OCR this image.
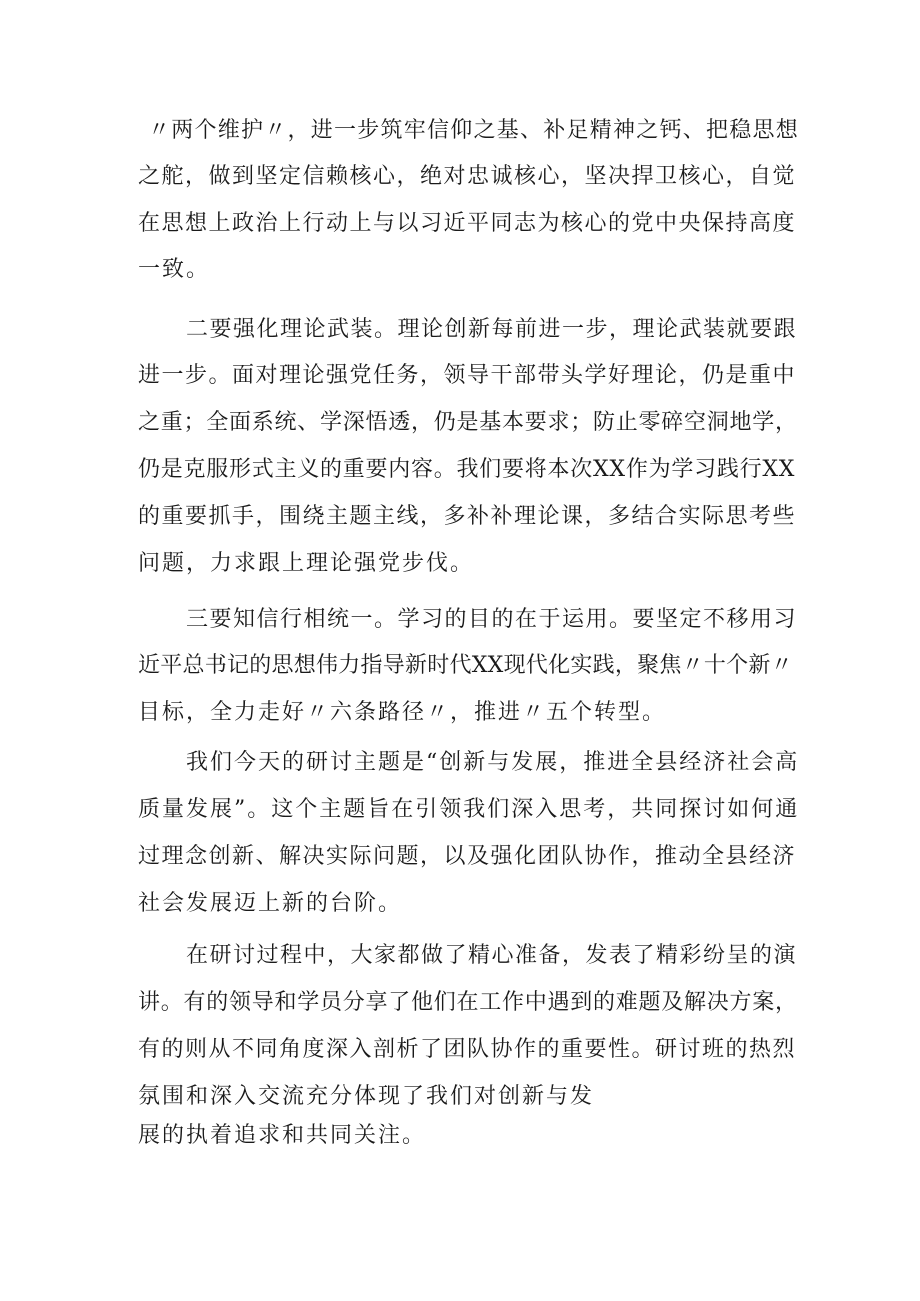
〃两个维护〃，进一步筑牢信仰之基、补足精神之钙、把稳思想
之舵，做到坚定信赖核心，绝对忠诚核心，坚决捍卫核心，自觉
在思想上政治上行动上与以习近平同志为核心的党中央保持高度
一致。
二要强化理论武装。理论创新每前进一步，理论武装就要跟
进一步。面对理论强党任务，领导干部带头学好理论，仍是重中
之重；全面系统、学深悟透，仍是基本要求；防止零碎空洞地学，
仍是克服形式主义的重要内容。我们要将本次XX作为学习践行XX
的重要抓手，围绕主题主线，多补补理论课，多结合实际思考些
问题，力求跟上理论强党步伐。
三要知信行相统一。学习的目的在于运用。要坚定不移用习
近平总书记的思想伟力指导新时代XX现代化实践，聚焦〃十个新〃
目标，全力走好〃六条路径〃，推进〃五个转型。
我们今天的研讨主题是“创新与发展，推进全县经济社会高
质量发展”。这个主题旨在引领我们深入思考，共同探讨如何通
过理念创新、解决实际问题，以及强化团队协作，推动全县经济
社会发展迈上新的台阶。
在研讨过程中，大家都做了精心准备，发表了精彩纷呈的演
讲。有的领导和学员分享了他们在工作中遇到的难题及解决方案，
有的则从不同角度深入剖析了团队协作的重要性。研讨班的热烈
氛围和深入交流充分体现了我们对创新与发
展的执着追求和共同关注。
